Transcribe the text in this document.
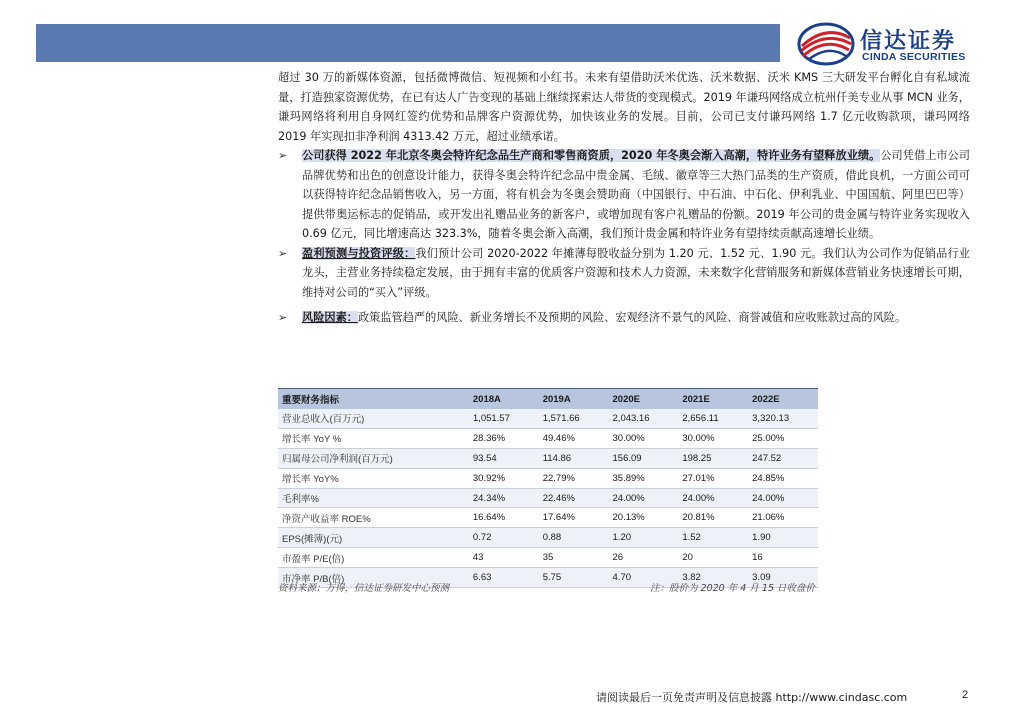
信达证券
CINDA SECURITIES

超过 30 万的新媒体资源，包括微博微信、短视频和小红书。未来有望借助沃米优选、沃米数据、沃米 KMS 三大研发平台孵化自有私域流量，打造独家资源优势，在已有达人广告变现的基础上继续探索达人带货的变现模式。2019 年谦玛网络成立杭州仟美专业从事 MCN 业务，谦玛网络将利用自身网红签约优势和品牌客户资源优势，加快该业务的发展。目前，公司已支付谦玛网络 1.7 亿元收购款项，谦玛网络 2019 年实现扣非净利润 4313.42 万元，超过业绩承诺。

➢ 公司获得 2022 年北京冬奥会特许纪念品生产商和零售商资质，2020 年冬奥会渐入高潮，特许业务有望释放业绩。公司凭借上市公司品牌优势和出色的创意设计能力，获得冬奥会特许纪念品中贵金属、毛绒、徽章等三大热门品类的生产资质，借此良机，一方面公司可以获得特许纪念品销售收入，另一方面，将有机会为冬奥会赞助商（中国银行、中石油、中石化、伊利乳业、中国国航、阿里巴巴等）提供带奥运标志的促销品，或开发出礼赠品业务的新客户，或增加现有客户礼赠品的份额。2019 年公司的贵金属与特许业务实现收入 0.69 亿元，同比增速高达 323.3%，随着冬奥会渐入高潮，我们预计贵金属和特许业务有望持续贡献高速增长业绩。
➢ 盈利预测与投资评级：我们预计公司 2020-2022 年摊薄每股收益分别为 1.20 元、1.52 元、1.90 元。我们认为公司作为促销品行业龙头，主营业务持续稳定发展，由于拥有丰富的优质客户资源和技术人力资源，未来数字化营销服务和新媒体营销业务快速增长可期，维持对公司的“买入”评级。
➢ 风险因素：政策监管趋严的风险、新业务增长不及预期的风险、宏观经济不景气的风险、商誉减值和应收账款过高的风险。
重要财务指标	2018A	2019A	2020E	2021E	2022E
营业总收入(百万元)	1,051.57	1,571.66	2,043.16	2,656.11	3,320.13
增长率 YoY %	28.36%	49.46%	30.00%	30.00%	25.00%
归属母公司净利润(百万元)	93.54	114.86	156.09	198.25	247.52
增长率 YoY%	30.92%	22.79%	35.89%	27.01%	24.85%
毛利率%	24.34%	22.46%	24.00%	24.00%	24.00%
净资产收益率 ROE%	16.64%	17.64%	20.13%	20.81%	21.06%
EPS(摊薄)(元)	0.72	0.88	1.20	1.52	1.90
市盈率 P/E(倍)	43	35	26	20	16
市净率 P/B(倍)	6.63	5.75	4.70	3.82	3.09
资料来源：万得，信达证券研发中心预测	注：股价为 2020 年 4 月 15 日收盘价
请阅读最后一页免责声明及信息披露 http://www.cindasc.com	2
